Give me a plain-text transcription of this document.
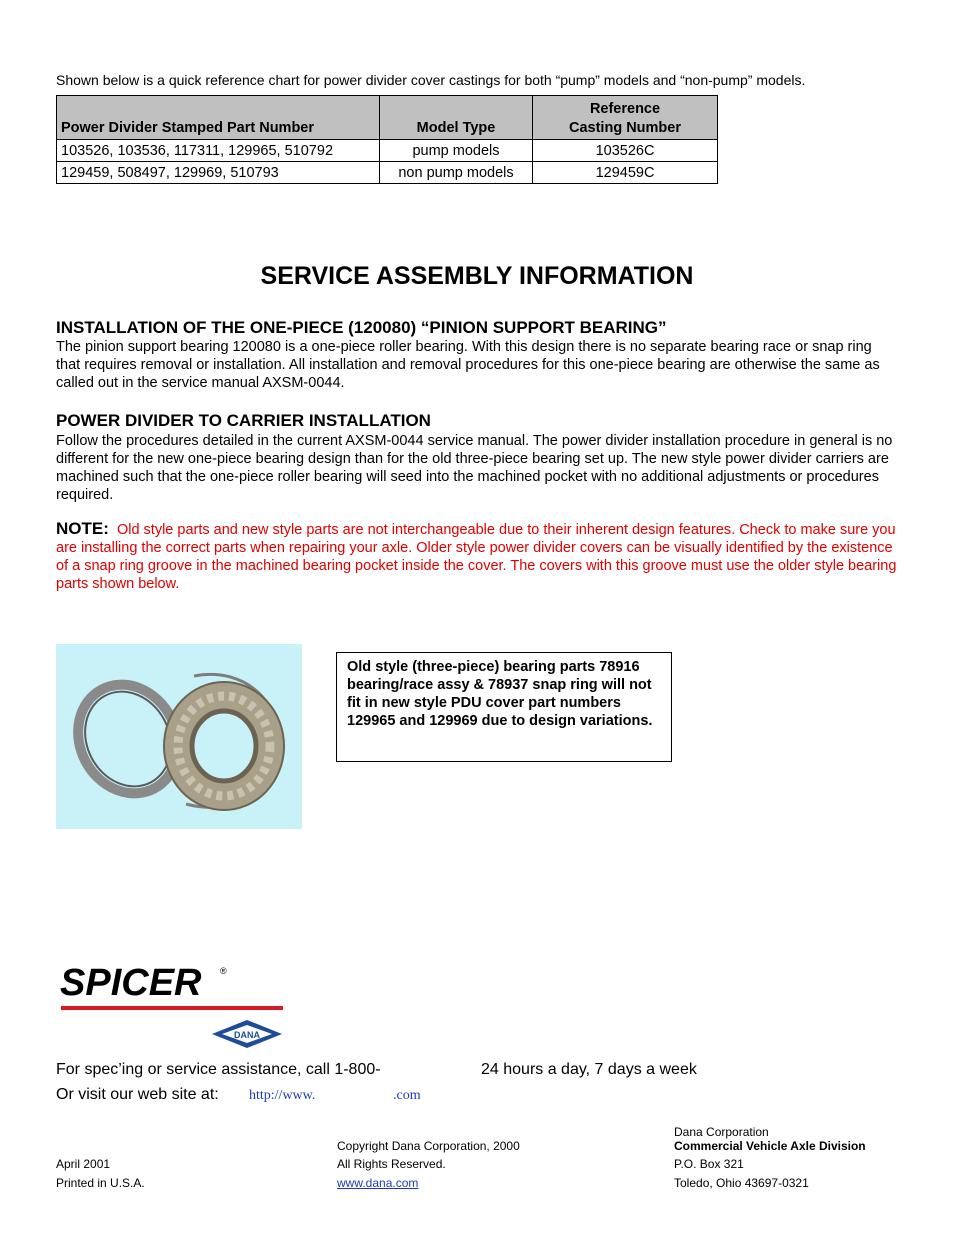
Shown below is a quick reference chart for power divider cover castings for both “pump” models and “non-pump” models.
Power Divider Stamped Part Number	Model Type	Reference
Casting Number
103526, 103536, 117311, 129965, 510792	pump models	103526C
129459, 508497, 129969, 510793	non pump models	129459C
SERVICE ASSEMBLY INFORMATION
INSTALLATION OF THE ONE-PIECE (120080) “PINION SUPPORT BEARING”
The pinion support bearing 120080 is a one-piece roller bearing. With this design there is no separate bearing race or snap ring that requires removal or installation. All installation and removal procedures for this one-piece bearing are otherwise the same as called out in the service manual AXSM-0044.
POWER DIVIDER TO CARRIER INSTALLATION
Follow the procedures detailed in the current AXSM-0044 service manual. The power divider installation procedure in general is no different for the new one-piece bearing design than for the old three-piece bearing set up. The new style power divider carriers are machined such that the one-piece roller bearing will seed into the machined pocket with no additional adjustments or procedures required.
NOTE: Old style parts and new style parts are not interchangeable due to their inherent design features. Check to make sure you are installing the correct parts when repairing your axle. Older style power divider covers can be visually identified by the existence of a snap ring groove in the machined bearing pocket inside the cover. The covers with this groove must use the older style bearing parts shown below.
Old style (three-piece) bearing parts 78916 bearing/race assy & 78937 snap ring will not fit in new style PDU cover part numbers 129965 and 129969 due to design variations.
SPICER ®
DANA
For spec’ing or service assistance, call 1-800-	24 hours a day, 7 days a week
Or visit our web site at: http://www.	.com
April 2001
Printed in U.S.A.
Copyright Dana Corporation, 2000
All Rights Reserved.
www.dana.com
Dana Corporation
Commercial Vehicle Axle Division
P.O. Box 321
Toledo, Ohio 43697-0321
